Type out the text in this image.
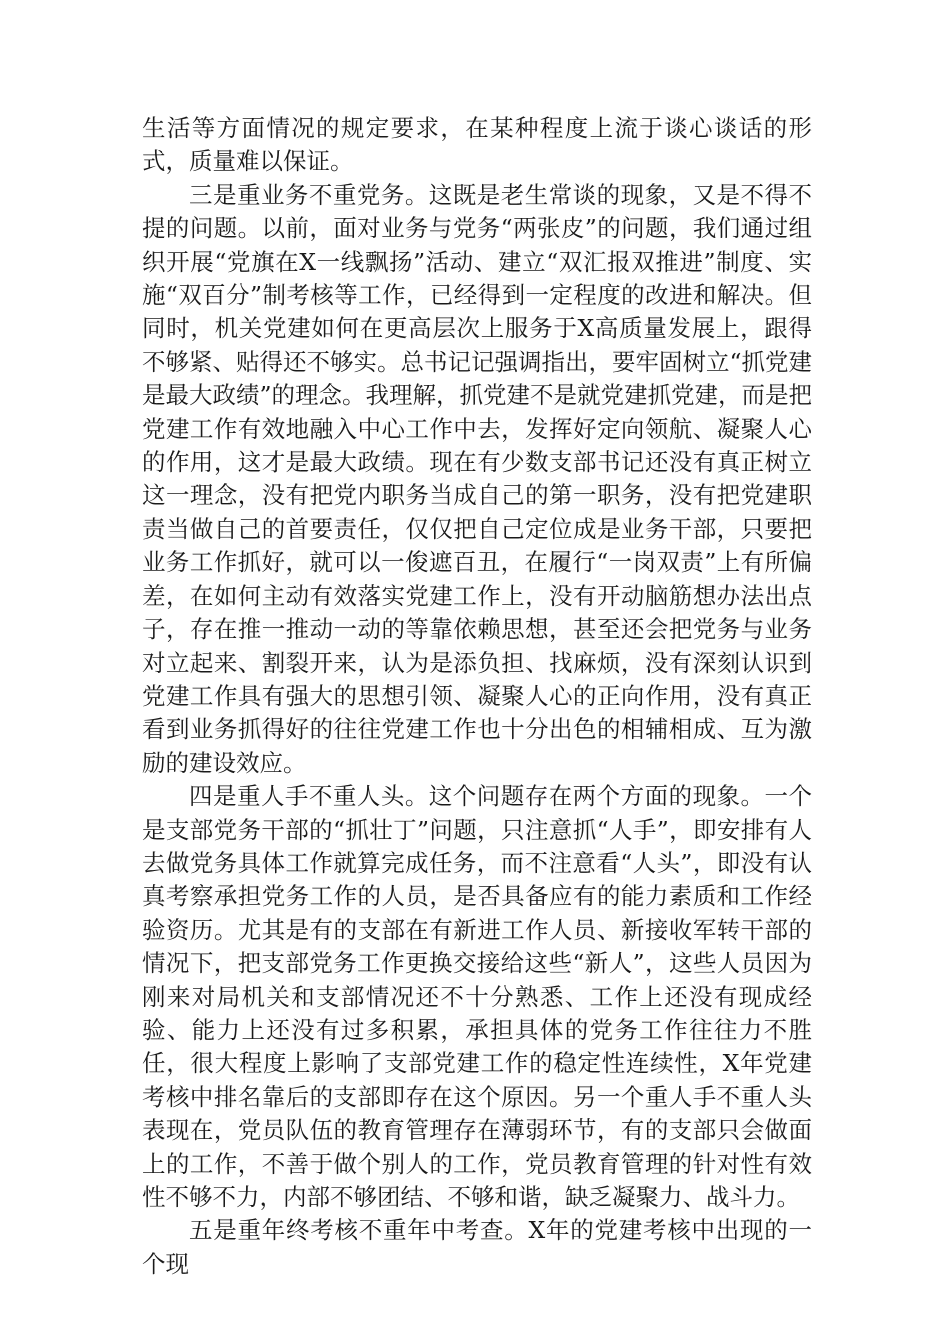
生活等方面情况的规定要求，在某种程度上流于谈心谈话的形式，质量难以保证。

三是重业务不重党务。这既是老生常谈的现象，又是不得不提的问题。以前，面对业务与党务“两张皮”的问题，我们通过组织开展“党旗在X一线飘扬”活动、建立“双汇报双推进”制度、实施“双百分”制考核等工作，已经得到一定程度的改进和解决。但同时，机关党建如何在更高层次上服务于X高质量发展上，跟得不够紧、贴得还不够实。总书记记强调指出，要牢固树立“抓党建是最大政绩”的理念。我理解，抓党建不是就党建抓党建，而是把党建工作有效地融入中心工作中去，发挥好定向领航、凝聚人心的作用，这才是最大政绩。现在有少数支部书记还没有真正树立这一理念，没有把党内职务当成自己的第一职务，没有把党建职责当做自己的首要责任，仅仅把自己定位成是业务干部，只要把业务工作抓好，就可以一俊遮百丑，在履行“一岗双责”上有所偏差，在如何主动有效落实党建工作上，没有开动脑筋想办法出点子，存在推一推动一动的等靠依赖思想，甚至还会把党务与业务对立起来、割裂开来，认为是添负担、找麻烦，没有深刻认识到党建工作具有强大的思想引领、凝聚人心的正向作用，没有真正看到业务抓得好的往往党建工作也十分出色的相辅相成、互为激励的建设效应。

四是重人手不重人头。这个问题存在两个方面的现象。一个是支部党务干部的“抓壮丁”问题，只注意抓“人手”，即安排有人去做党务具体工作就算完成任务，而不注意看“人头”，即没有认真考察承担党务工作的人员，是否具备应有的能力素质和工作经验资历。尤其是有的支部在有新进工作人员、新接收军转干部的情况下，把支部党务工作更换交接给这些“新人”，这些人员因为刚来对局机关和支部情况还不十分熟悉、工作上还没有现成经验、能力上还没有过多积累，承担具体的党务工作往往力不胜任，很大程度上影响了支部党建工作的稳定性连续性，X年党建考核中排名靠后的支部即存在这个原因。另一个重人手不重人头表现在，党员队伍的教育管理存在薄弱环节，有的支部只会做面上的工作，不善于做个别人的工作，党员教育管理的针对性有效性不够不力，内部不够团结、不够和谐，缺乏凝聚力、战斗力。

五是重年终考核不重年中考查。X年的党建考核中出现的一个现
